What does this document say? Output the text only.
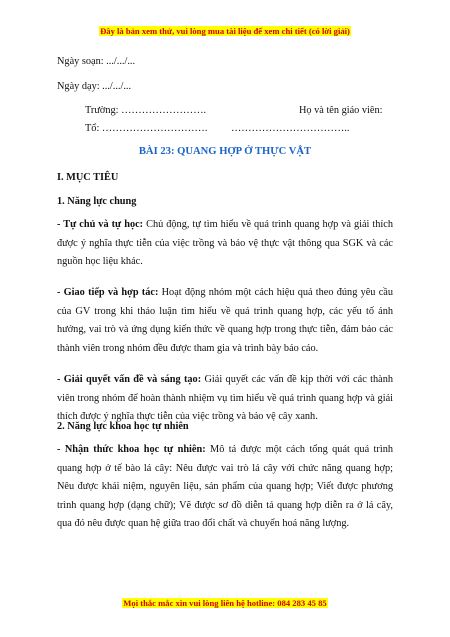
Đây là bản xem thử, vui lòng mua tài liệu để xem chi tiết (có lời giải)
Ngày soạn: .../.../...
Ngày dạy: .../.../...
Trường: …………………….	Họ và tên giáo viên:
Tổ: …………………………. ……………………………..
BÀI 23: QUANG HỢP Ở THỰC VẬT
I. MỤC TIÊU
1. Năng lực chung
- Tự chủ và tự học: Chủ động, tự tìm hiểu về quá trình quang hợp và giải thích được ý nghĩa thực tiễn của việc trồng và bảo vệ thực vật thông qua SGK và các nguồn học liệu khác.
- Giao tiếp và hợp tác: Hoạt động nhóm một cách hiệu quả theo đúng yêu cầu của GV trong khi thảo luận tìm hiểu về quá trình quang hợp, các yếu tố ánh hưởng, vai trò và ứng dụng kiến thức về quang hợp trong thực tiễn, đảm bảo các thành viên trong nhóm đều được tham gia và trình bày báo cáo.
- Giải quyết vấn đề và sáng tạo: Giải quyết các vấn đề kịp thời với các thành viên trong nhóm để hoàn thành nhiệm vụ tìm hiểu về quá trình quang hợp và giải thích được ý nghĩa thực tiễn của việc trồng và bảo vệ cây xanh.
2. Năng lực khoa học tự nhiên
- Nhận thức khoa học tự nhiên: Mô tả được một cách tổng quát quá trình quang hợp ở tế bào lá cây: Nêu được vai trò lá cây với chức năng quang hợp; Nêu được khái niệm, nguyên liệu, sản phẩm của quang hợp; Viết được phương trình quang hợp (dạng chữ); Vẽ được sơ đồ diễn tả quang hợp diễn ra ở lá cây, qua đó nêu được quan hệ giữa trao đổi chất và chuyển hoá năng lượng.
Mọi thắc mắc xin vui lòng liên hệ hotline: 084 283 45 85
